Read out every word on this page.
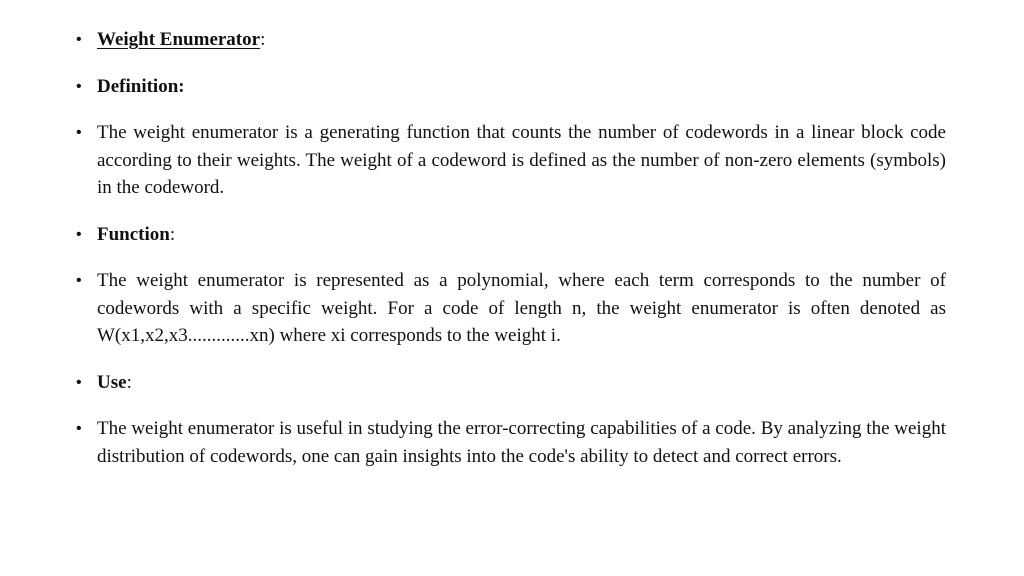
• Weight Enumerator:
• Definition:
• The weight enumerator is a generating function that counts the number of codewords in a linear block code according to their weights. The weight of a codeword is defined as the number of non-zero elements (symbols) in the codeword.
• Function:
• The weight enumerator is represented as a polynomial, where each term corresponds to the number of codewords with a specific weight. For a code of length n, the weight enumerator is often denoted as W(x1,x2,x3.............xn) where xi corresponds to the weight i.
• Use:
• The weight enumerator is useful in studying the error-correcting capabilities of a code. By analyzing the weight distribution of codewords, one can gain insights into the code's ability to detect and correct errors.
